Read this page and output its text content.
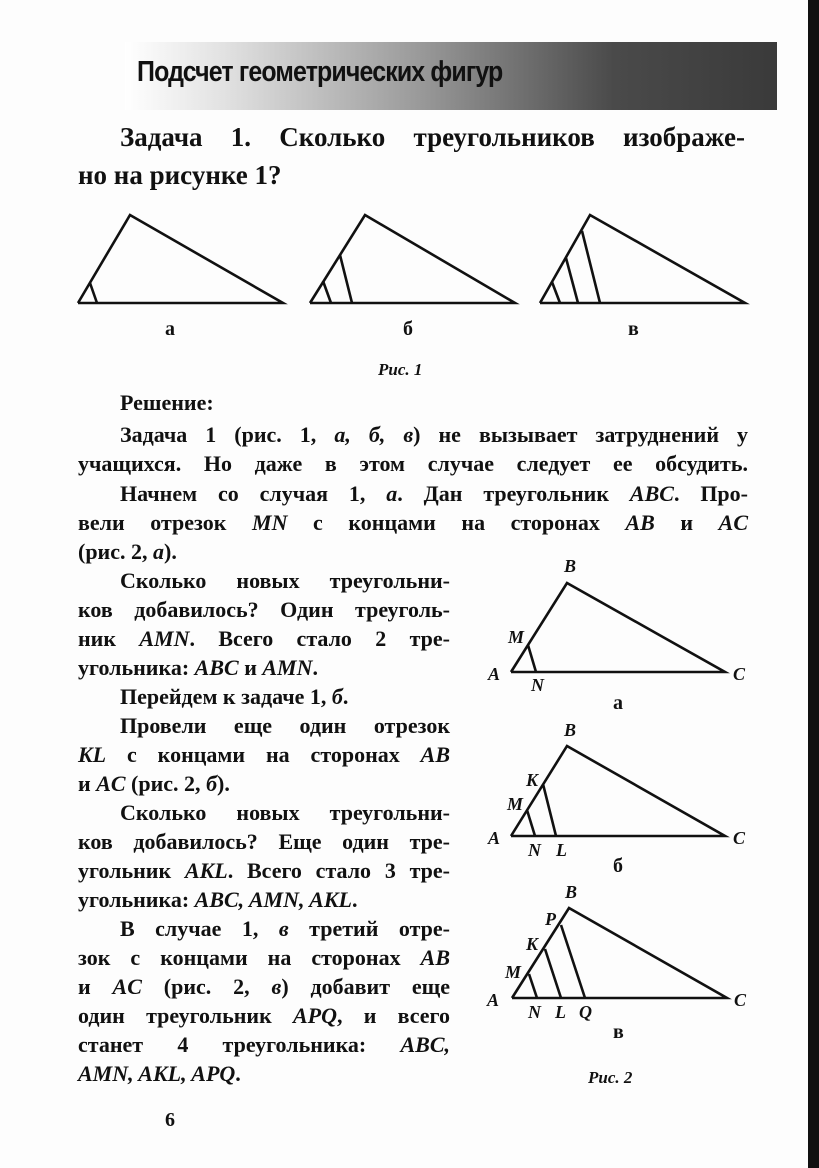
Подсчет геометрических фигур
Задача 1. Сколько треугольников изображе-
но на рисунке 1?
Задача 1 (рис. 1, а, б, в) не вызывает затруднений у
учащихся. Но даже в этом случае следует ее обсудить.
Начнем со случая 1, а. Дан треугольник ABC. Про-
вели отрезок MN с концами на сторонах AB и AC
(рис. 2, а).
Сколько новых треугольни-
ков добавилось? Один треуголь-
ник AMN. Всего стало 2 тре-
угольника: ABC и AMN.
Перейдем к задаче 1, б.
Провели еще один отрезок
KL с концами на сторонах AB
и AC (рис. 2, б).
Сколько новых треугольни-
ков добавилось? Еще один тре-
угольник AKL. Всего стало 3 тре-
угольника: ABC, AMN, AKL.
В случае 1, в третий отре-
зок с концами на сторонах AB
и AC (рис. 2, в) добавит еще
один треугольник APQ, и всего
станет 4 треугольника: ABC,
AMN, AKL, APQ.
Решение:
A
B
C
M
N
A
B
C
M
K
N L
A
B
C
M
K
P
N L Q
а	б	в
Рис. 1
а
б
в
Рис. 2
6
